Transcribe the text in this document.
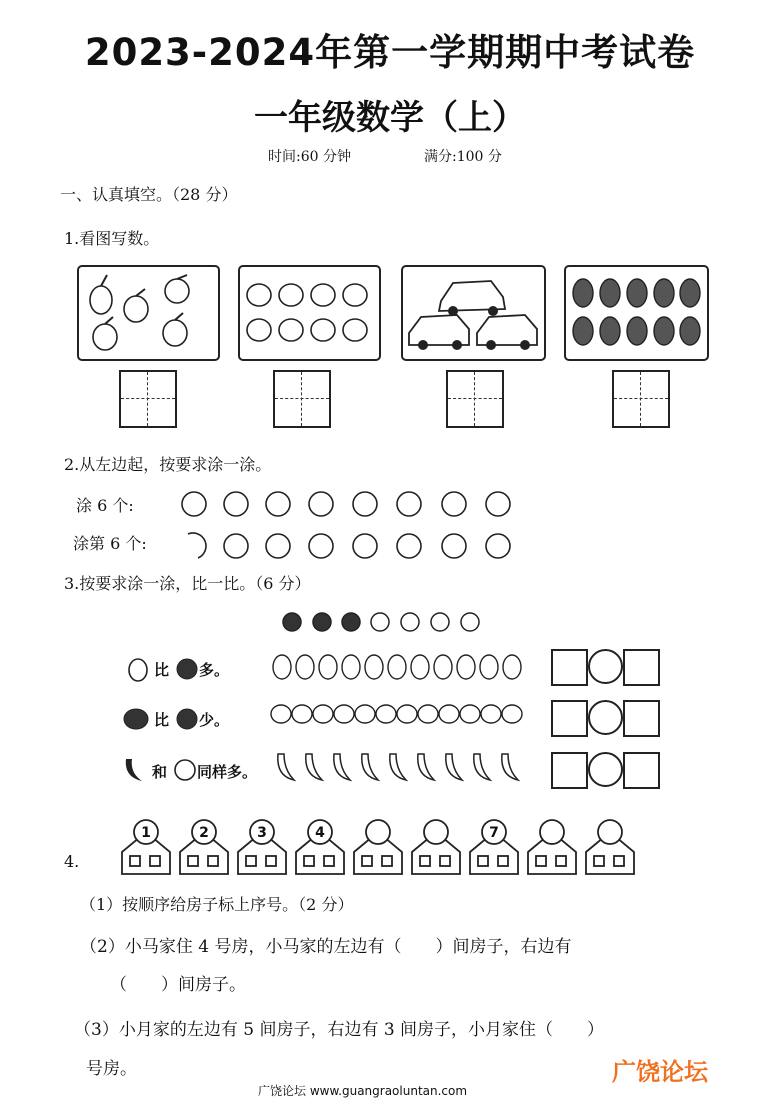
2023-2024年第一学期期中考试卷
一年级数学（上）
时间:60 分钟	满分:100 分
一、认真填空。（28 分）
1.看图写数。
2.从左边起，按要求涂一涂。
涂 6 个:
涂第 6 个:
3.按要求涂一涂，比一比。（6 分）
比 多。
比 少。
和 同样多。
4.
1	2	3	4	7
（1）按顺序给房子标上序号。（2 分）
（2）小马家住 4 号房，小马家的左边有（　　）间房子，右边有
（　　）间房子。
（3）小月家的左边有 5 间房子，右边有 3 间房子，小月家住（　　）
号房。
广饶论坛 www.guangraoluntan.com
广饶论坛
